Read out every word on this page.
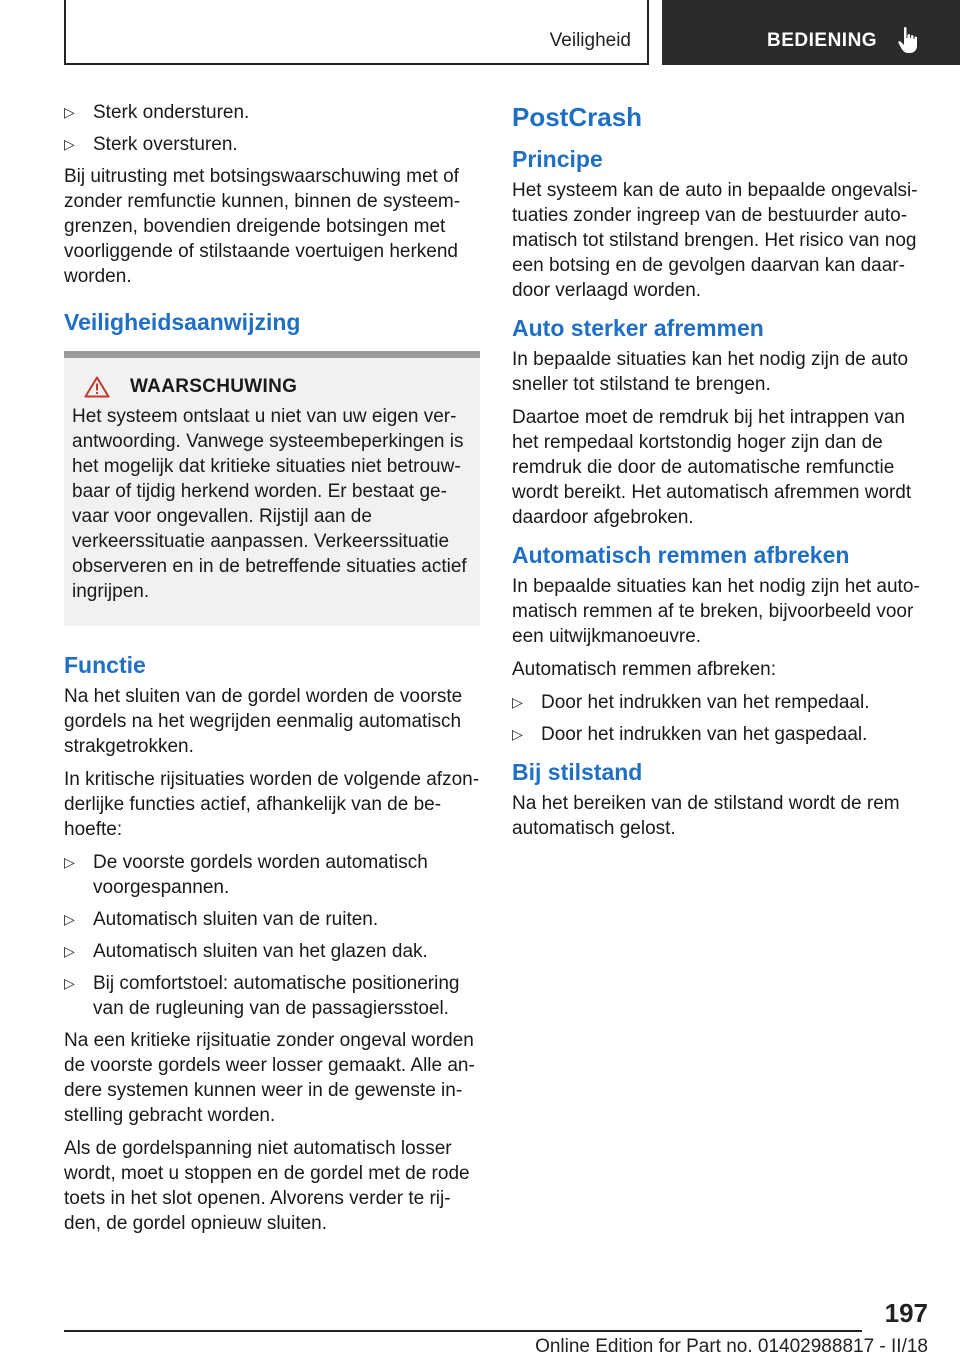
Veiligheid	BEDIENING
▷ Sterk ondersturen.
▷ Sterk oversturen.

Bij uitrusting met botsingswaarschuwing met of zonder remfunctie kunnen, binnen de systeemgrenzen, bovendien dreigende botsingen met voorliggende of stilstaande voertuigen herkend worden.

Veiligheidsaanwijzing
WAARSCHUWING

Het systeem ontslaat u niet van uw eigen verantwoording. Vanwege systeembeperkingen is het mogelijk dat kritieke situaties niet betrouwbaar of tijdig herkend worden. Er bestaat gevaar voor ongevallen. Rijstijl aan de verkeerssituatie aanpassen. Verkeerssituatie observeren en in de betreffende situaties actief ingrijpen.

Functie

Na het sluiten van de gordel worden de voorste gordels na het wegrijden eenmalig automatisch strakgetrokken.

In kritische rijsituaties worden de volgende afzonderlijke functies actief, afhankelijk van de behoefte:

▷ De voorste gordels worden automatisch voorgespannen.
▷ Automatisch sluiten van de ruiten.
▷ Automatisch sluiten van het glazen dak.
▷ Bij comfortstoel: automatische positionering van de rugleuning van de passagiersstoel.

Na een kritieke rijsituatie zonder ongeval worden de voorste gordels weer losser gemaakt. Alle andere systemen kunnen weer in de gewenste instelling gebracht worden.

Als de gordelspanning niet automatisch losser wordt, moet u stoppen en de gordel met de rode toets in het slot openen. Alvorens verder te rijden, de gordel opnieuw sluiten.

PostCrash
Principe

Het systeem kan de auto in bepaalde ongevalsituaties zonder ingreep van de bestuurder automatisch tot stilstand brengen. Het risico van nog een botsing en de gevolgen daarvan kan daardoor verlaagd worden.

Auto sterker afremmen

In bepaalde situaties kan het nodig zijn de auto sneller tot stilstand te brengen.

Daartoe moet de remdruk bij het intrappen van het rempedaal kortstondig hoger zijn dan de remdruk die door de automatische remfunctie wordt bereikt. Het automatisch afremmen wordt daardoor afgebroken.

Automatisch remmen afbreken

In bepaalde situaties kan het nodig zijn het automatisch remmen af te breken, bijvoorbeeld voor een uitwijkmanoeuvre.

Automatisch remmen afbreken:

▷ Door het indrukken van het rempedaal.
▷ Door het indrukken van het gaspedaal.
Bij stilstand

Na het bereiken van de stilstand wordt de rem automatisch gelost.

197
Online Edition for Part no. 01402988817 - II/18
